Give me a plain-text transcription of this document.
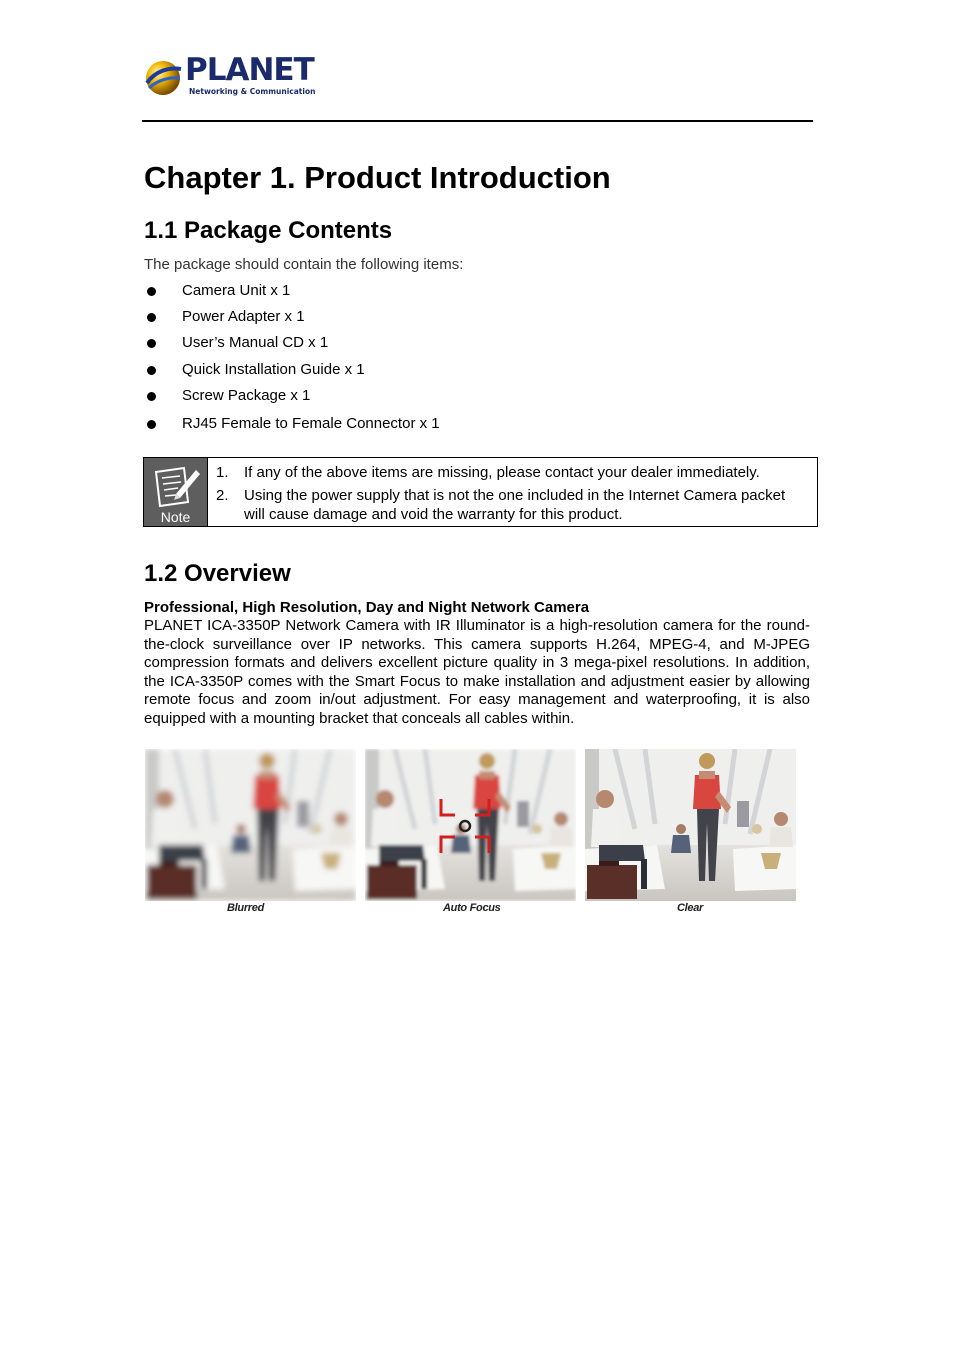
PLANET
Networking & Communication
Chapter 1. Product Introduction
1.1 Package Contents
The package should contain the following items:
Camera Unit x 1
Power Adapter x 1
User’s Manual CD x 1
Quick Installation Guide x 1
Screw Package x 1
RJ45 Female to Female Connector x 1
Note
1. If any of the above items are missing, please contact your dealer immediately.
2. Using the power supply that is not the one included in the Internet Camera packet will cause damage and void the warranty for this product.
1.2 Overview
Professional, High Resolution, Day and Night Network Camera

PLANET ICA-3350P Network Camera with IR Illuminator is a high-resolution camera for the round-the-clock surveillance over IP networks. This camera supports H.264, MPEG-4, and M-JPEG compression formats and delivers excellent picture quality in 3 mega-pixel resolutions. In addition, the ICA-3350P comes with the Smart Focus to make installation and adjustment easier by allowing remote focus and zoom in/out adjustment. For easy management and waterproofing, it is also equipped with a mounting bracket that conceals all cables within.

Blurred	Auto Focus	Clear
